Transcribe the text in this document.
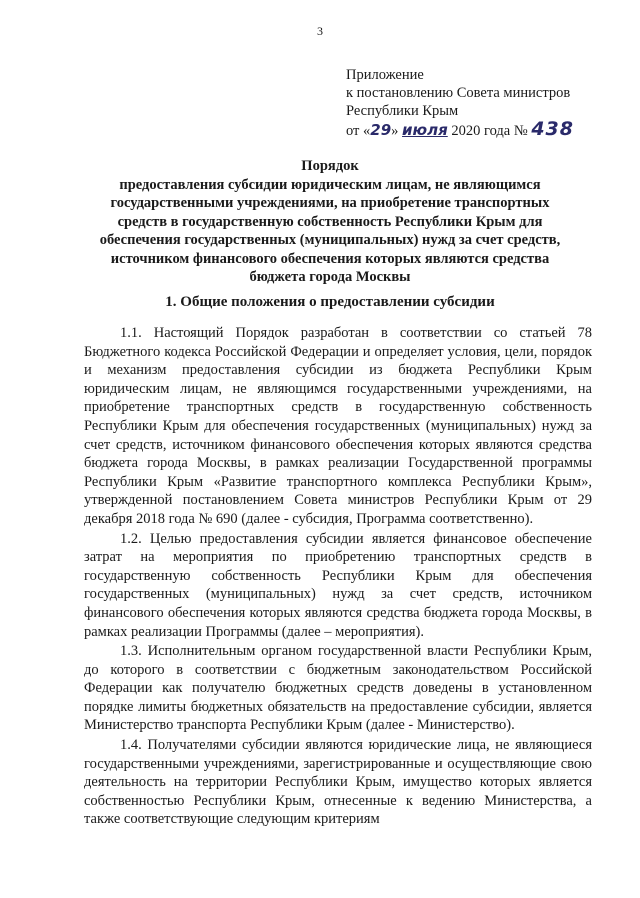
3
Приложение
к постановлению Совета министров
Республики Крым
от «29» июля 2020 года № 438
Порядок
предоставления субсидии юридическим лицам, не являющимся
государственными учреждениями, на приобретение транспортных
средств в государственную собственность Республики Крым для
обеспечения государственных (муниципальных) нужд за счет средств,
источником финансового обеспечения которых являются средства
бюджета города Москвы
1. Общие положения о предоставлении субсидии

1.1. Настоящий Порядок разработан в соответствии со статьей 78 Бюджетного кодекса Российской Федерации и определяет условия, цели, порядок и механизм предоставления субсидии из бюджета Республики Крым юридическим лицам, не являющимся государственными учреждениями, на приобретение транспортных средств в государственную собственность Республики Крым для обеспечения государственных (муниципальных) нужд за счет средств, источником финансового обеспечения которых являются средства бюджета города Москвы, в рамках реализации Государственной программы Республики Крым «Развитие транспортного комплекса Республики Крым», утвержденной постановлением Совета министров Республики Крым от 29 декабря 2018 года № 690 (далее - субсидия, Программа соответственно).

1.2. Целью предоставления субсидии является финансовое обеспечение затрат на мероприятия по приобретению транспортных средств в государственную собственность Республики Крым для обеспечения государственных (муниципальных) нужд за счет средств, источником финансового обеспечения которых являются средства бюджета города Москвы, в рамках реализации Программы (далее – мероприятия).

1.3. Исполнительным органом государственной власти Республики Крым, до которого в соответствии с бюджетным законодательством Российской Федерации как получателю бюджетных средств доведены в установленном порядке лимиты бюджетных обязательств на предоставление субсидии, является Министерство транспорта Республики Крым (далее - Министерство).

1.4. Получателями субсидии являются юридические лица, не являющиеся государственными учреждениями, зарегистрированные и осуществляющие свою деятельность на территории Республики Крым, имущество которых является собственностью Республики Крым, отнесенные к ведению Министерства, а также соответствующие следующим критериям
